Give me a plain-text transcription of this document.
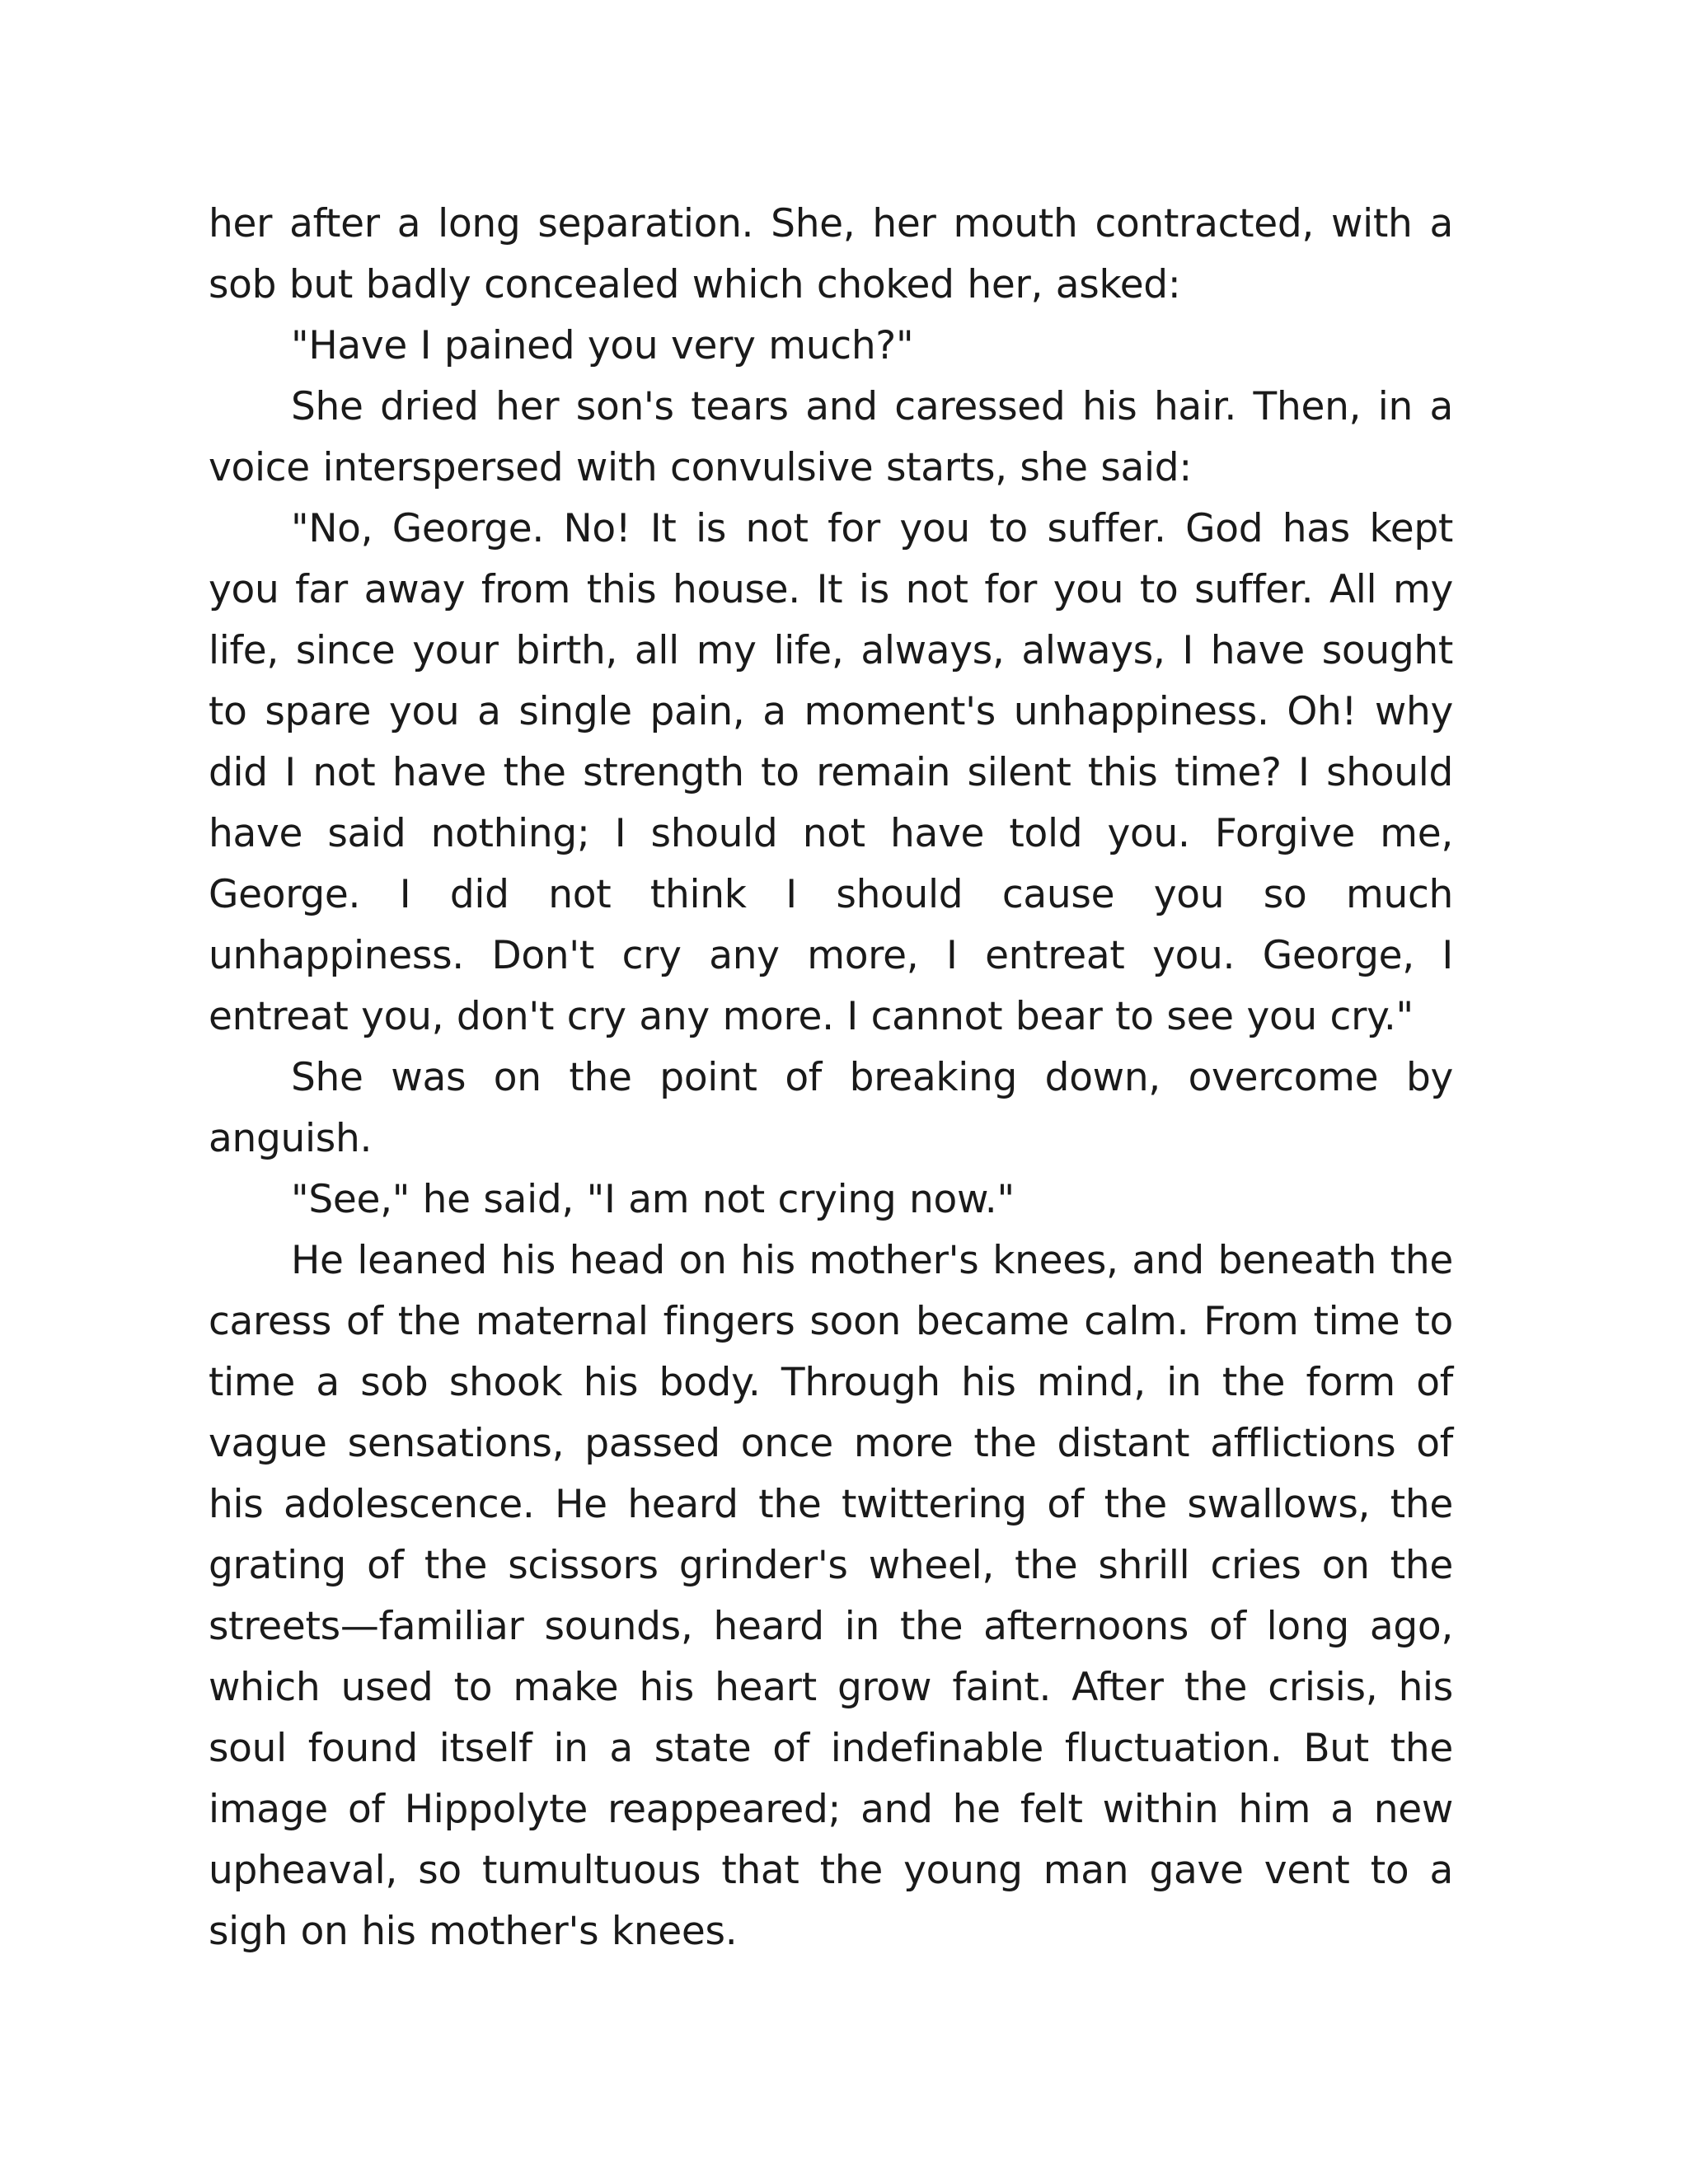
her after a long separation. She, her mouth contracted, with a sob but badly concealed which choked her, asked:

"Have I pained you very much?"

She dried her son's tears and caressed his hair. Then, in a voice interspersed with convulsive starts, she said:

"No, George. No! It is not for you to suffer. God has kept you far away from this house. It is not for you to suffer. All my life, since your birth, all my life, always, always, I have sought to spare you a single pain, a moment's unhappiness. Oh! why did I not have the strength to remain silent this time? I should have said nothing; I should not have told you. Forgive me, George. I did not think I should cause you so much unhappiness. Don't cry any more, I entreat you. George, I entreat you, don't cry any more. I cannot bear to see you cry."

She was on the point of breaking down, overcome by anguish.

"See," he said, "I am not crying now."

He leaned his head on his mother's knees, and beneath the caress of the maternal fingers soon became calm. From time to time a sob shook his body. Through his mind, in the form of vague sensations, passed once more the distant afflictions of his adolescence. He heard the twittering of the swallows, the grating of the scissors grinder's wheel, the shrill cries on the streets—familiar sounds, heard in the afternoons of long ago, which used to make his heart grow faint. After the crisis, his soul found itself in a state of indefinable fluctuation. But the image of Hippolyte reappeared; and he felt within him a new upheaval, so tumultuous that the young man gave vent to a sigh on his mother's knees.
